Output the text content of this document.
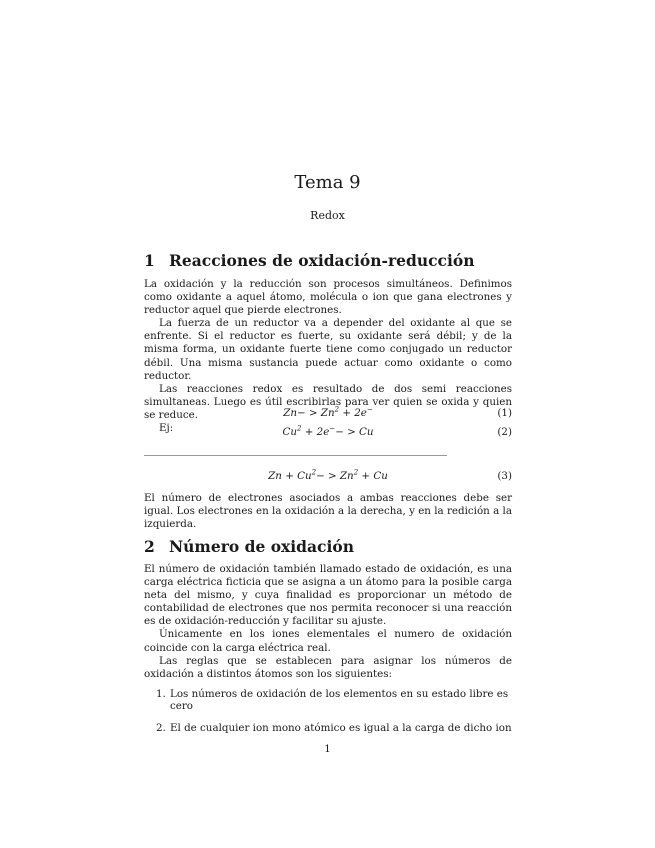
Tema 9
Redox
1 Reacciones de oxidación-reducción

La oxidación y la reducción son procesos simultáneos. Definimos como oxidante a aquel átomo, molécula o ion que gana electrones y reductor aquel que pierde electrones.

La fuerza de un reductor va a depender del oxidante al que se enfrente. Si el reductor es fuerte, su oxidante será débil; y de la misma forma, un oxidante fuerte tiene como conjugado un reductor débil. Una misma sustancia puede actuar como oxidante o como reductor.

Las reacciones redox es resultado de dos semi reacciones simultaneas. Luego es útil escribirlas para ver quien se oxida y quien se reduce.

Ej:

$Zn- > Zn^2 + 2e^-$	(1)
$Cu^2 + 2e^-- > Cu$	(2)
$Zn + Cu^2- > Zn^2 + Cu$	(3)

El número de electrones asociados a ambas reacciones debe ser igual. Los electrones en la oxidación a la derecha, y en la redición a la izquierda.

2 Número de oxidación

El número de oxidación también llamado estado de oxidación, es una carga eléctrica ficticia que se asigna a un átomo para la posible carga neta del mismo, y cuya finalidad es proporcionar un método de contabilidad de electrones que nos permita reconocer si una reacción es de oxidación-reducción y facilitar su ajuste.

Únicamente en los iones elementales el numero de oxidación coincide con la carga eléctrica real.

Las reglas que se establecen para asignar los números de oxidación a distintos átomos son los siguientes:

1. Los números de oxidación de los elementos en su estado libre es cero
2. El de cualquier ion mono atómico es igual a la carga de dicho ion
1
